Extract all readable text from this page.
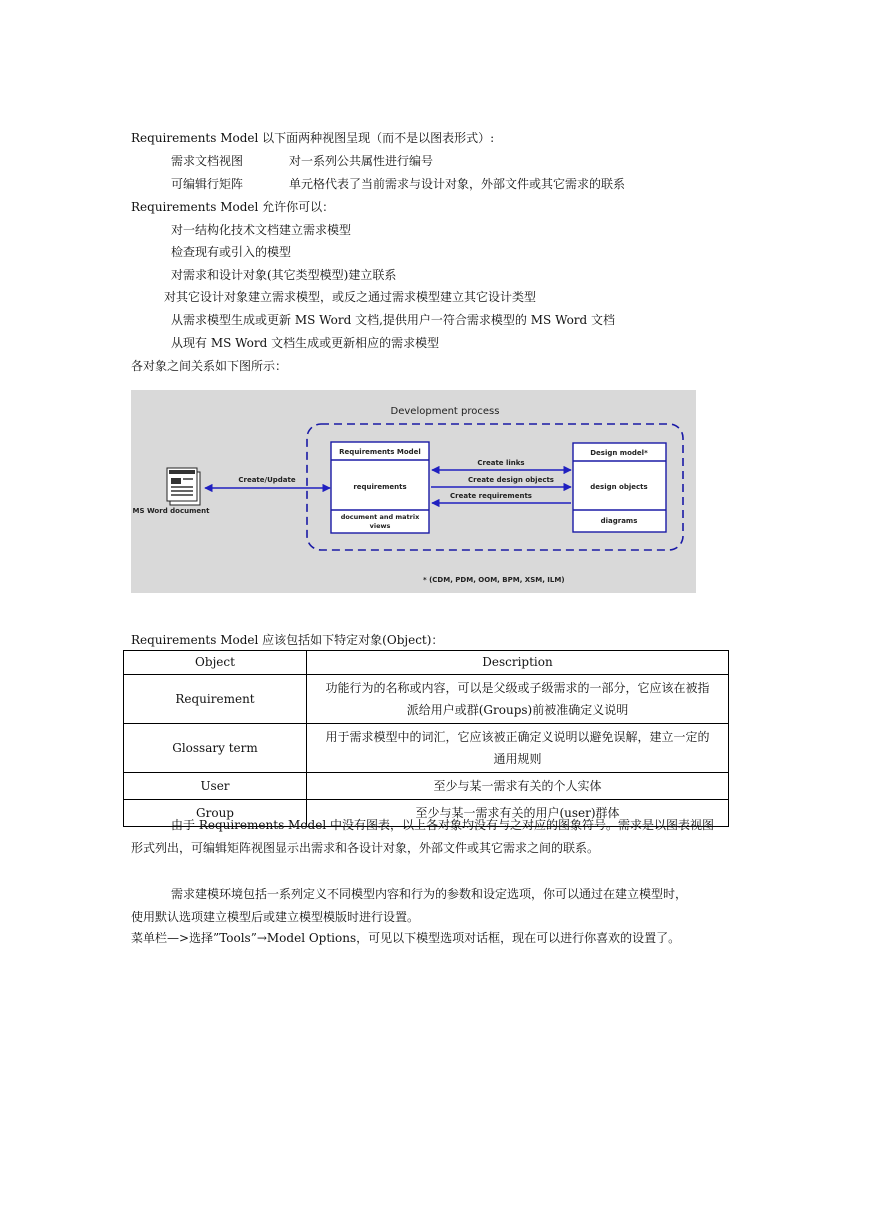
Requirements Model 以下面两种视图呈现（而不是以图表形式）:
需求文档视图	对一系列公共属性进行编号
可编辑行矩阵	单元格代表了当前需求与设计对象，外部文件或其它需求的联系
Requirements Model 允许你可以：
对一结构化技术文档建立需求模型
检查现有或引入的模型
对需求和设计对象(其它类型模型)建立联系
对其它设计对象建立需求模型，或反之通过需求模型建立其它设计类型
从需求模型生成或更新 MS Word 文档,提供用户一符合需求模型的 MS Word 文档
从现有 MS Word 文档生成或更新相应的需求模型
各对象之间关系如下图所示：
Development process
MS Word document
Create/Update
Requirements Model
requirements
document and matrix
views
Design model*
design objects
diagrams
Create links
Create design objects
Create requirements
* (CDM, PDM, OOM, BPM, XSM, ILM)
Requirements Model 应该包括如下特定对象(Object)：
Object	Description
Requirement	功能行为的名称或内容，可以是父级或子级需求的一部分，它应该在被指
派给用户或群(Groups)前被准确定义说明
Glossary term	用于需求模型中的词汇，它应该被正确定义说明以避免误解，建立一定的
通用规则
User	至少与某一需求有关的个人实体
Group	至少与某一需求有关的用户(user)群体
由于 Requirements Model 中没有图表，以上各对象均没有与之对应的图象符号。需求是以图表视图
形式列出，可编辑矩阵视图显示出需求和各设计对象，外部文件或其它需求之间的联系。
需求建模环境包括一系列定义不同模型内容和行为的参数和设定选项，你可以通过在建立模型时，
使用默认选项建立模型后或建立模型模版时进行设置。
菜单栏—>选择”Tools”→Model Options，可见以下模型选项对话框，现在可以进行你喜欢的设置了。
